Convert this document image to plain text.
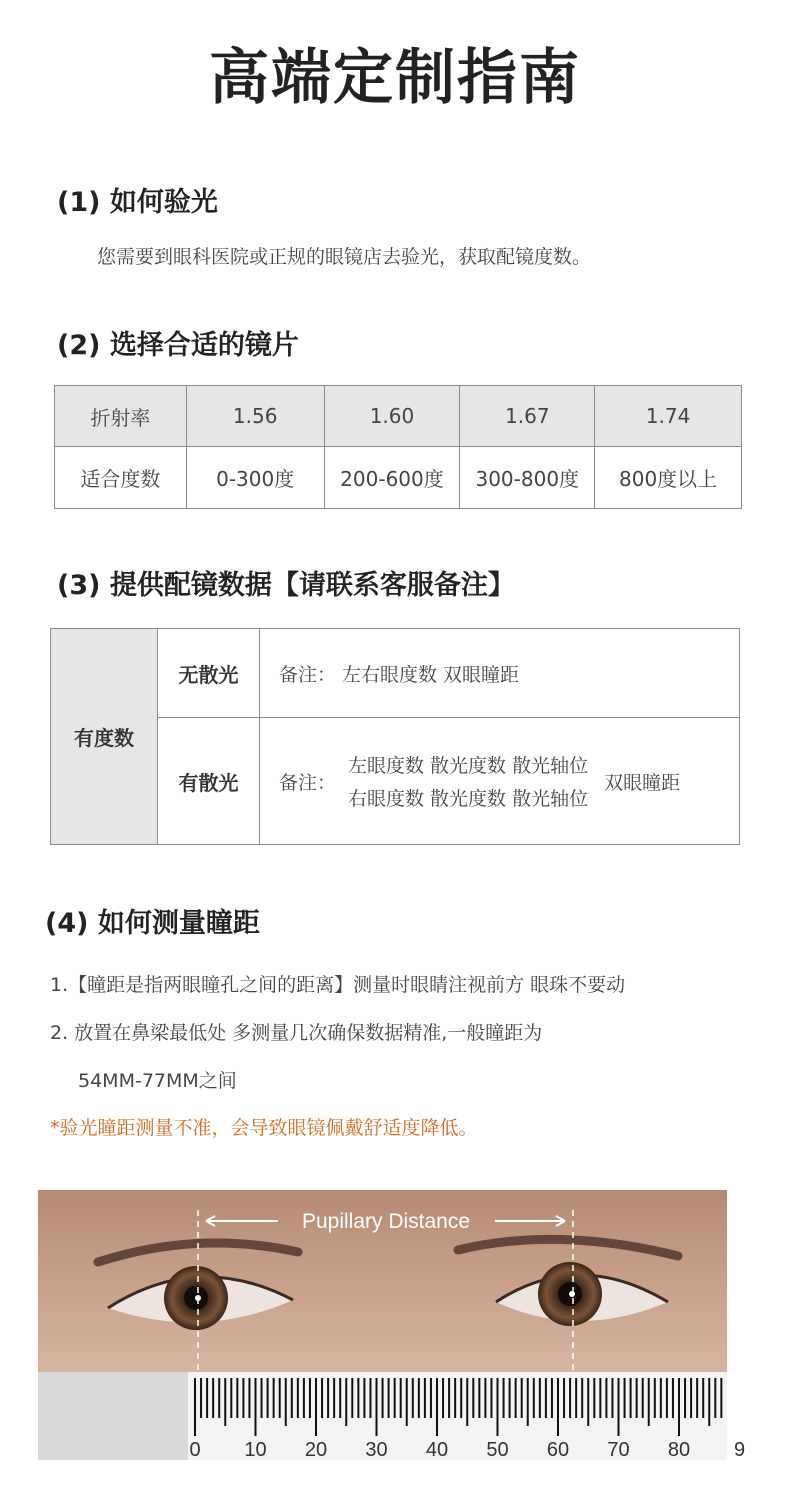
高端定制指南
(1) 如何验光
您需要到眼科医院或正规的眼镜店去验光，获取配镜度数。
(2) 选择合适的镜片
折射率	1.56	1.60	1.67	1.74
适合度数	0-300度	200-600度	300-800度	800度以上
(3) 提供配镜数据【请联系客服备注】
有度数	无散光	备注： 左右眼度数 双眼瞳距

	有散光	备注：
左眼度数 散光度数 散光轴位
右眼度数 散光度数 散光轴位
双眼瞳距
(4) 如何测量瞳距
1.【瞳距是指两眼瞳孔之间的距离】测量时眼睛注视前方 眼珠不要动
2. 放置在鼻梁最低处 多测量几次确保数据精准,一般瞳距为
54MM-77MM之间
*验光瞳距测量不准，会导致眼镜佩戴舒适度降低。
Pupillary Distance
0 10 20 30 40 50 60 70 80 9
